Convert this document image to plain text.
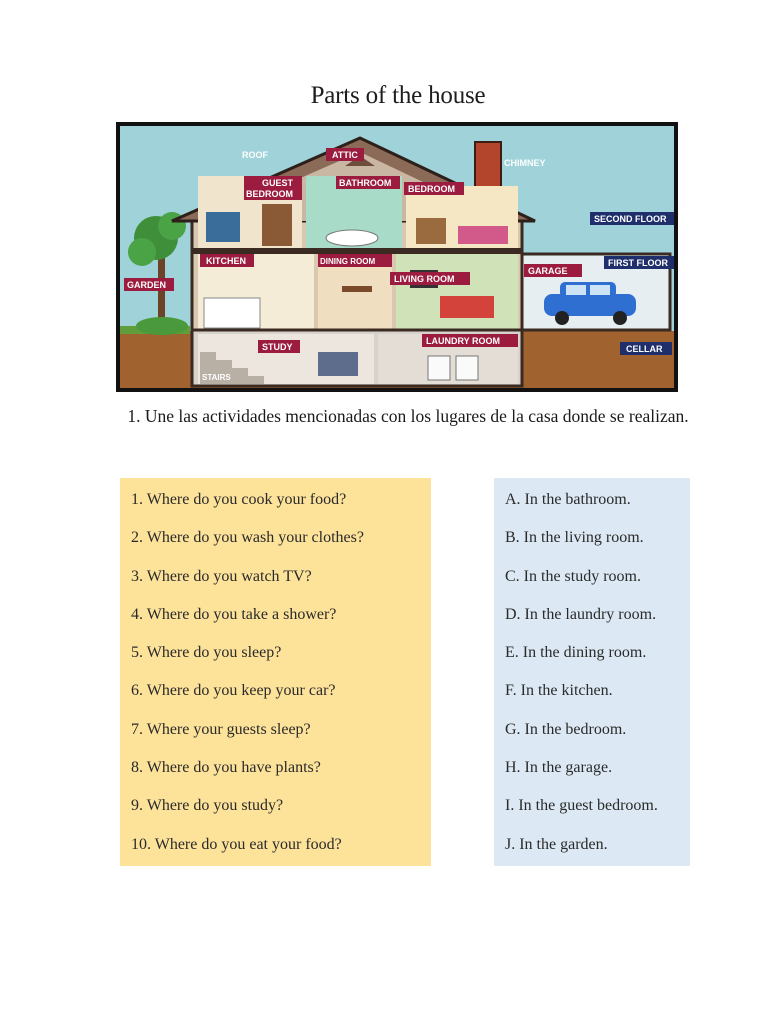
Parts of the house
ROOF	ATTIC
CHIMNEY
GUEST
BEDROOM
BATHROOM
BEDROOM
SECOND FLOOR
KITCHEN	DINING ROOM
LIVING ROOM
GARAGE
FIRST FLOOR
GARDEN
STUDY
LAUNDRY ROOM
CELLAR
STAIRS
1. Une las actividades mencionadas con los lugares de la casa donde se realizan.
1. Where do you cook your food?
2. Where do you wash your clothes?
3. Where do you watch TV?
4. Where do you take a shower?
5. Where do you sleep?
6. Where do you keep your car?
7. Where your guests sleep?
8. Where do you have plants?
9. Where do you study?
10. Where do you eat your food?
A. In the bathroom.
B. In the living room.
C. In the study room.
D. In the laundry room.
E. In the dining room.
F. In the kitchen.
G. In the bedroom.
H. In the garage.
I. In the guest bedroom.
J. In the garden.
